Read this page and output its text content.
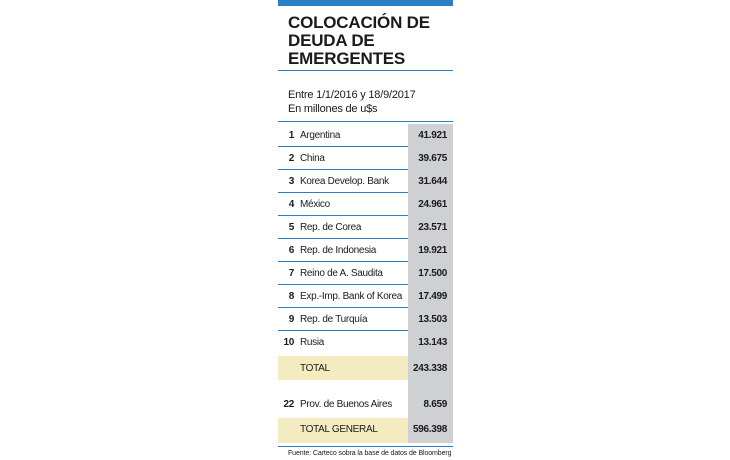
COLOCACIÓN DE
DEUDA DE
EMERGENTES
Entre 1/1/2016 y 18/9/2017
En millones de u$s
1 Argentina	41.921
2 China	39.675
3 Korea Develop. Bank	31.644
4 México	24.961
5 Rep. de Corea	23.571
6 Rep. de Indonesia	19.921
7 Reino de A. Saudita	17.500
8 Exp.-Imp. Bank of Korea 17.499
9 Rep. de Turquía	13.503
10 Rusia	13.143
TOTAL	243.338
22 Prov. de Buenos Aires	8.659
TOTAL GENERAL	596.398
Fuente: Carteco sobra la base de datos de Bloomberg
